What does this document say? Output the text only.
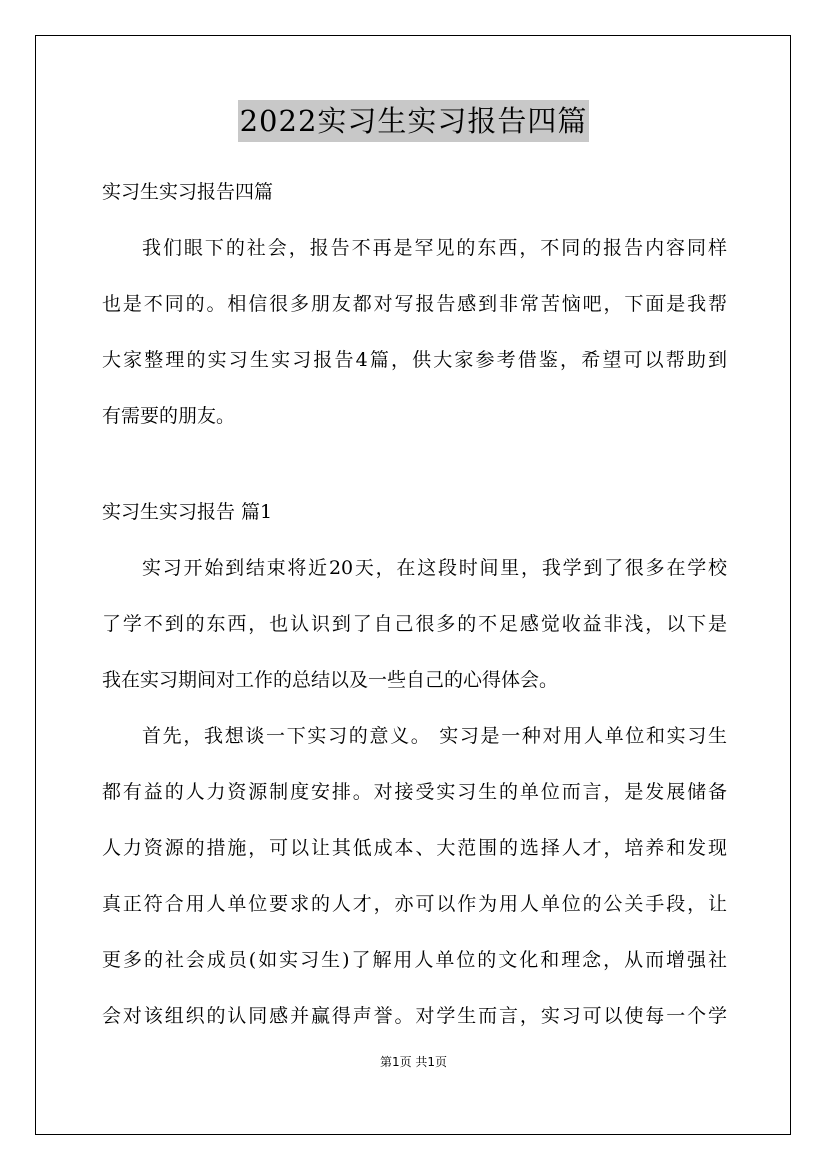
2022实习生实习报告四篇
实习生实习报告四篇
我们眼下的社会，报告不再是罕见的东西，不同的报告内容同样
也是不同的。相信很多朋友都对写报告感到非常苦恼吧，下面是我帮
大家整理的实习生实习报告4篇，供大家参考借鉴，希望可以帮助到
有需要的朋友。
实习生实习报告 篇1
实习开始到结束将近20天，在这段时间里，我学到了很多在学校
了学不到的东西，也认识到了自己很多的不足感觉收益非浅，以下是
我在实习期间对工作的总结以及一些自己的心得体会。
首先，我想谈一下实习的意义。 实习是一种对用人单位和实习生
都有益的人力资源制度安排。对接受实习生的单位而言，是发展储备
人力资源的措施，可以让其低成本、大范围的选择人才，培养和发现
真正符合用人单位要求的人才，亦可以作为用人单位的公关手段，让
更多的社会成员(如实习生)了解用人单位的文化和理念，从而增强社
会对该组织的认同感并赢得声誉。对学生而言，实习可以使每一个学
第1页 共1页
